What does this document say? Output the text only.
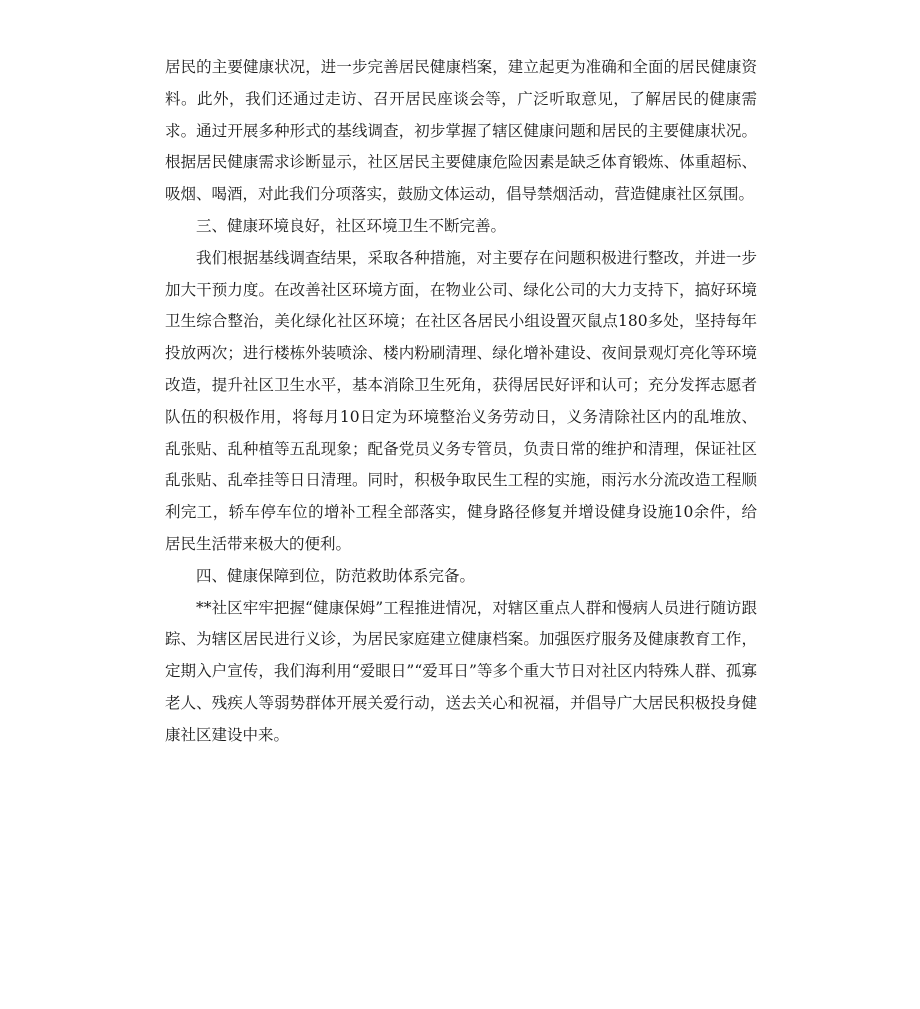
居民的主要健康状况，进一步完善居民健康档案，建立起更为准确和全面的居民健康资料。此外，我们还通过走访、召开居民座谈会等，广泛听取意见，了解居民的健康需求。通过开展多种形式的基线调查，初步掌握了辖区健康问题和居民的主要健康状况。根据居民健康需求诊断显示，社区居民主要健康危险因素是缺乏体育锻炼、体重超标、吸烟、喝酒，对此我们分项落实，鼓励文体运动，倡导禁烟活动，营造健康社区氛围。

三、健康环境良好，社区环境卫生不断完善。

我们根据基线调查结果，采取各种措施，对主要存在问题积极进行整改，并进一步加大干预力度。在改善社区环境方面，在物业公司、绿化公司的大力支持下，搞好环境卫生综合整治，美化绿化社区环境；在社区各居民小组设置灭鼠点180多处，坚持每年投放两次；进行楼栋外装喷涂、楼内粉刷清理、绿化增补建设、夜间景观灯亮化等环境改造，提升社区卫生水平，基本消除卫生死角，获得居民好评和认可；充分发挥志愿者队伍的积极作用，将每月10日定为环境整治义务劳动日，义务清除社区内的乱堆放、乱张贴、乱种植等五乱现象；配备党员义务专管员，负责日常的维护和清理，保证社区乱张贴、乱牵挂等日日清理。同时，积极争取民生工程的实施，雨污水分流改造工程顺利完工，轿车停车位的增补工程全部落实，健身路径修复并增设健身设施10余件，给居民生活带来极大的便利。

四、健康保障到位，防范救助体系完备。

**社区牢牢把握“健康保姆”工程推进情况，对辖区重点人群和慢病人员进行随访跟踪、为辖区居民进行义诊，为居民家庭建立健康档案。加强医疗服务及健康教育工作，定期入户宣传，我们海利用“爱眼日”“爱耳日”等多个重大节日对社区内特殊人群、孤寡老人、残疾人等弱势群体开展关爱行动，送去关心和祝福，并倡导广大居民积极投身健康社区建设中来。
